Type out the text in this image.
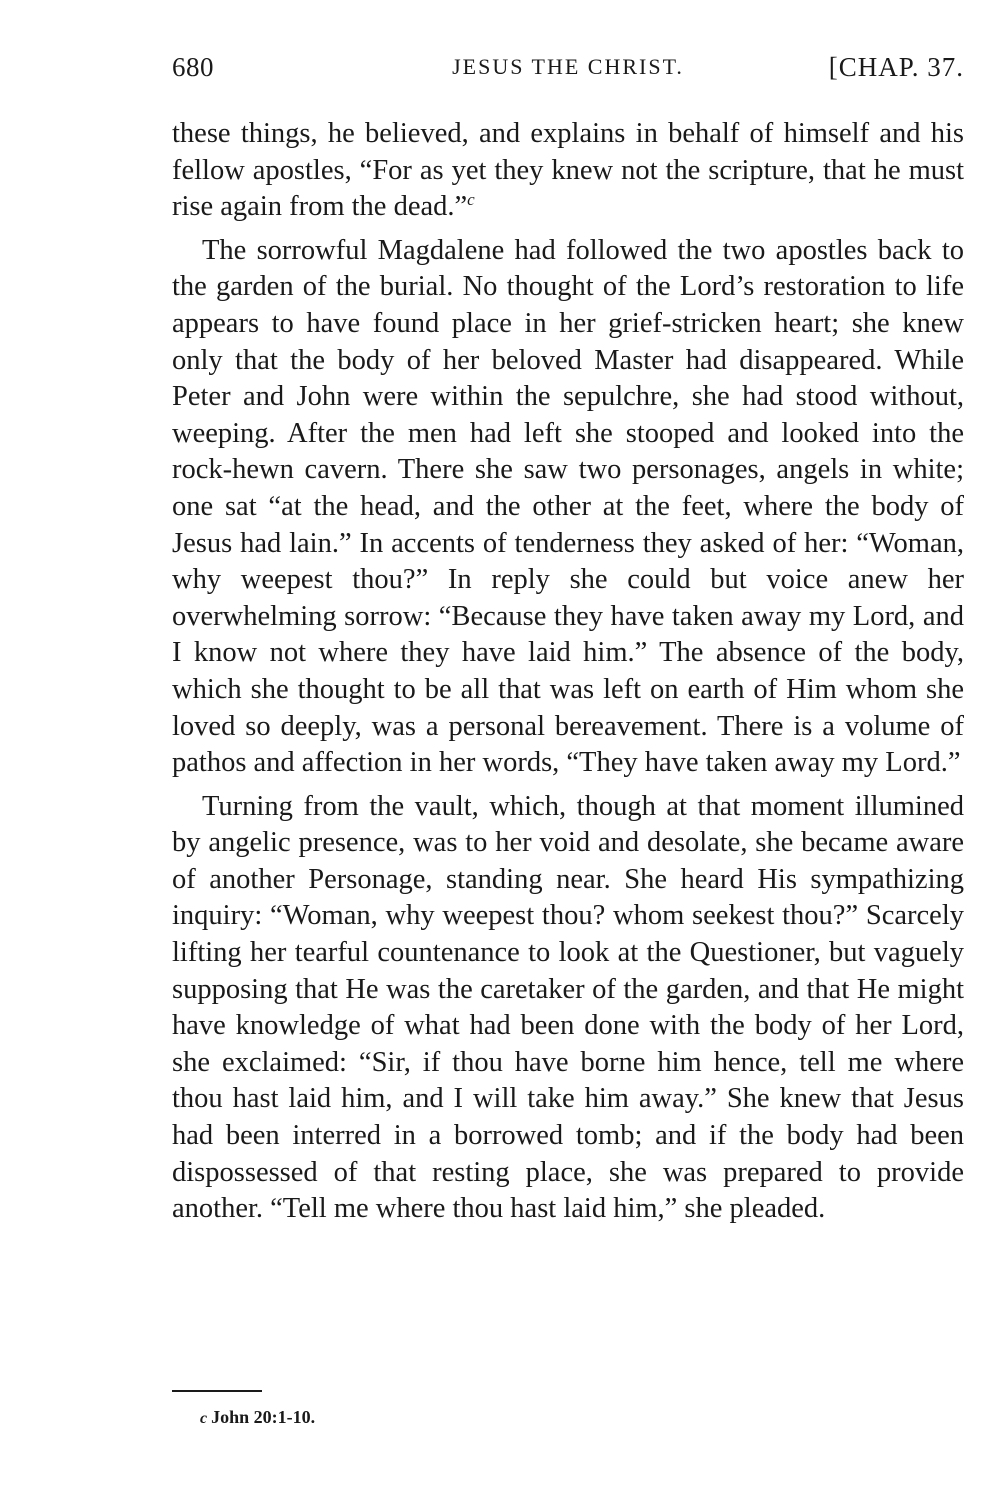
680	JESUS THE CHRIST.	[CHAP. 37.

these things, he believed, and explains in behalf of himself and his fellow apostles, “For as yet they knew not the scripture, that he must rise again from the dead.”$^c$

The sorrowful Magdalene had followed the two apostles back to the garden of the burial. No thought of the Lord’s restoration to life appears to have found place in her grief-stricken heart; she knew only that the body of her beloved Master had disappeared. While Peter and John were within the sepulchre, she had stood without, weeping. After the men had left she stooped and looked into the rock-hewn cavern. There she saw two personages, angels in white; one sat “at the head, and the other at the feet, where the body of Jesus had lain.” In accents of tenderness they asked of her: “Woman, why weepest thou?” In reply she could but voice anew her overwhelming sorrow: “Because they have taken away my Lord, and I know not where they have laid him.” The absence of the body, which she thought to be all that was left on earth of Him whom she loved so deeply, was a personal bereavement. There is a volume of pathos and affection in her words, “They have taken away my Lord.”

Turning from the vault, which, though at that moment illumined by angelic presence, was to her void and desolate, she became aware of another Personage, standing near. She heard His sympathizing inquiry: “Woman, why weepest thou? whom seekest thou?” Scarcely lifting her tearful countenance to look at the Questioner, but vaguely supposing that He was the caretaker of the garden, and that He might have knowledge of what had been done with the body of her Lord, she exclaimed: “Sir, if thou have borne him hence, tell me where thou hast laid him, and I will take him away.” She knew that Jesus had been interred in a borrowed tomb; and if the body had been dispossessed of that resting place, she was prepared to provide another. “Tell me where thou hast laid him,” she pleaded.

c John 20:1-10.
